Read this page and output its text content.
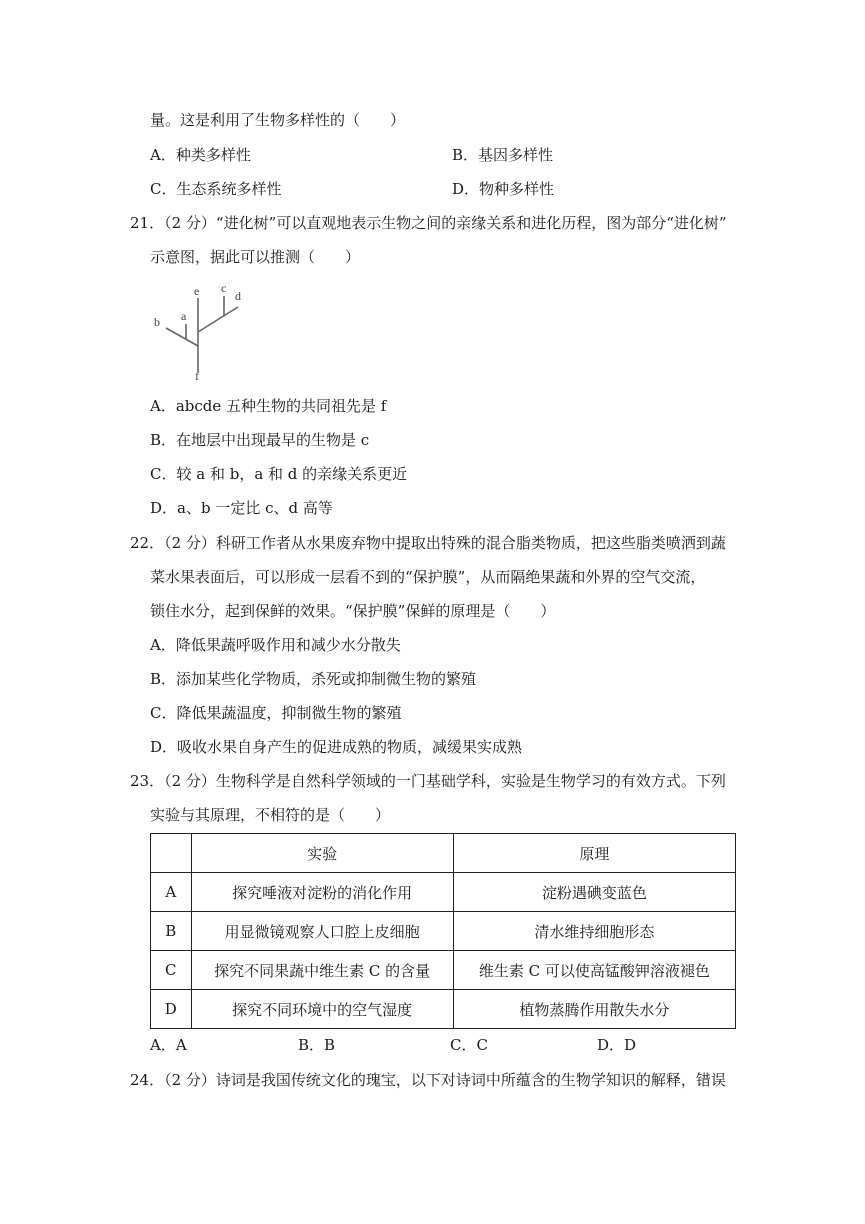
量。这是利用了生物多样性的（　　）
A．种类多样性	B．基因多样性
C．生态系统多样性	D．物种多样性
21．（2 分）“进化树”可以直观地表示生物之间的亲缘关系和进化历程，图为部分“进化树”
示意图，据此可以推测（　　）
b a
e c
d
f
A．abcde 五种生物的共同祖先是 f
B．在地层中出现最早的生物是 c
C．较 a 和 b，a 和 d 的亲缘关系更近
D．a、b 一定比 c、d 高等
22．（2 分）科研工作者从水果废弃物中提取出特殊的混合脂类物质，把这些脂类喷洒到蔬
菜水果表面后，可以形成一层看不到的“保护膜”，从而隔绝果蔬和外界的空气交流，
锁住水分，起到保鲜的效果。“保护膜”保鲜的原理是（　　）
A．降低果蔬呼吸作用和减少水分散失
B．添加某些化学物质，杀死或抑制微生物的繁殖
C．降低果蔬温度，抑制微生物的繁殖
D．吸收水果自身产生的促进成熟的物质，减缓果实成熟
23．（2 分）生物科学是自然科学领域的一门基础学科，实验是生物学习的有效方式。下列
实验与其原理，不相符的是（　　）
	实验	原理
A	探究唾液对淀粉的消化作用	淀粉遇碘变蓝色
B	用显微镜观察人口腔上皮细胞	清水维持细胞形态
C	探究不同果蔬中维生素 C 的含量	维生素 C 可以使高锰酸钾溶液褪色
D	探究不同环境中的空气湿度	植物蒸腾作用散失水分
A．A	B．B	C．C	D．D
24．（2 分）诗词是我国传统文化的瑰宝，以下对诗词中所蕴含的生物学知识的解释，错误
